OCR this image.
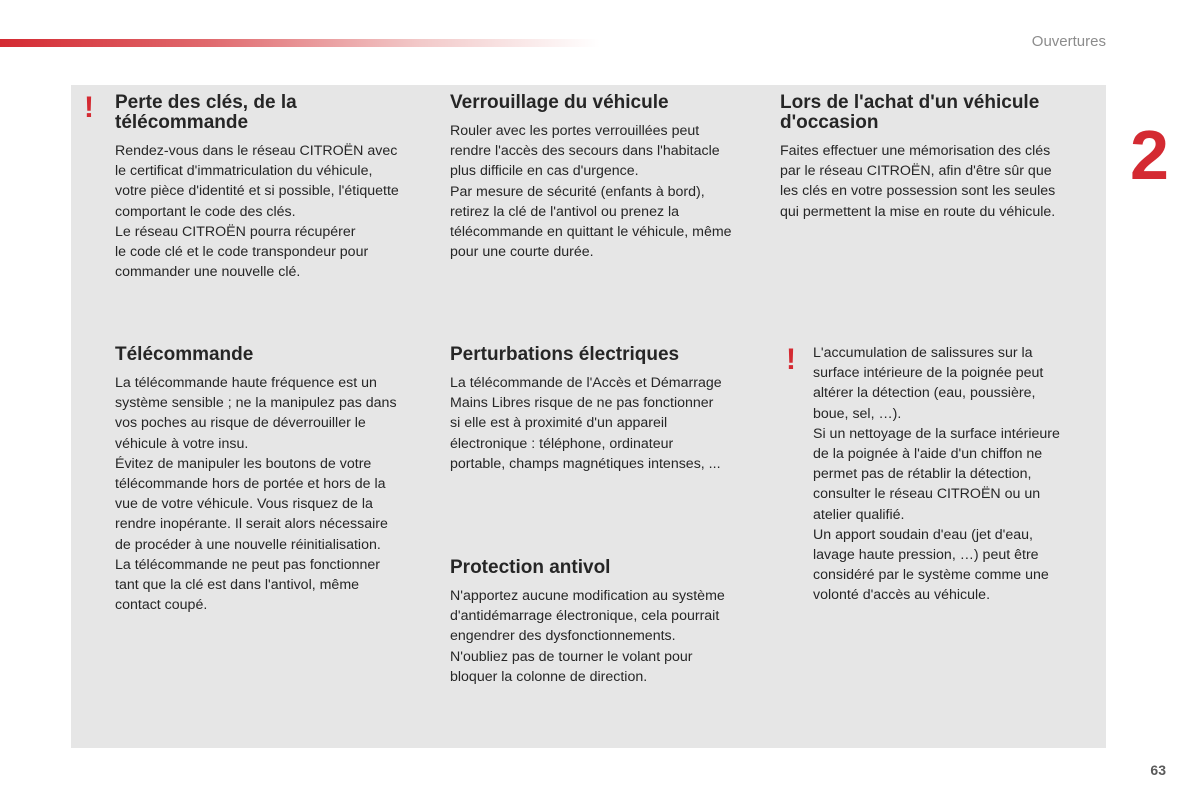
Ouvertures
2
! Perte des clés, de la
télécommande

Rendez-vous dans le réseau CITROËN avec
le certificat d'immatriculation du véhicule,
votre pièce d'identité et si possible, l'étiquette
comportant le code des clés.
Le réseau CITROËN pourra récupérer
le code clé et le code transpondeur pour
commander une nouvelle clé.

Verrouillage du véhicule

Rouler avec les portes verrouillées peut
rendre l'accès des secours dans l'habitacle
plus difficile en cas d'urgence.
Par mesure de sécurité (enfants à bord),
retirez la clé de l'antivol ou prenez la
télécommande en quittant le véhicule, même
pour une courte durée.

Lors de l'achat d'un véhicule
d'occasion

Faites effectuer une mémorisation des clés
par le réseau CITROËN, afin d'être sûr que
les clés en votre possession sont les seules
qui permettent la mise en route du véhicule.

Télécommande

La télécommande haute fréquence est un
système sensible ; ne la manipulez pas dans
vos poches au risque de déverrouiller le
véhicule à votre insu.
Évitez de manipuler les boutons de votre
télécommande hors de portée et hors de la
vue de votre véhicule. Vous risquez de la
rendre inopérante. Il serait alors nécessaire
de procéder à une nouvelle réinitialisation.
La télécommande ne peut pas fonctionner
tant que la clé est dans l'antivol, même
contact coupé.

Perturbations électriques

La télécommande de l'Accès et Démarrage
Mains Libres risque de ne pas fonctionner
si elle est à proximité d'un appareil
électronique : téléphone, ordinateur
portable, champs magnétiques intenses, ...

Protection antivol

N'apportez aucune modification au système
d'antidémarrage électronique, cela pourrait
engendrer des dysfonctionnements.
N'oubliez pas de tourner le volant pour
bloquer la colonne de direction.

! L'accumulation de salissures sur la
surface intérieure de la poignée peut
altérer la détection (eau, poussière,
boue, sel, …).
Si un nettoyage de la surface intérieure
de la poignée à l'aide d'un chiffon ne
permet pas de rétablir la détection,
consulter le réseau CITROËN ou un
atelier qualifié.
Un apport soudain d'eau (jet d'eau,
lavage haute pression, …) peut être
considéré par le système comme une
volonté d'accès au véhicule.

63
